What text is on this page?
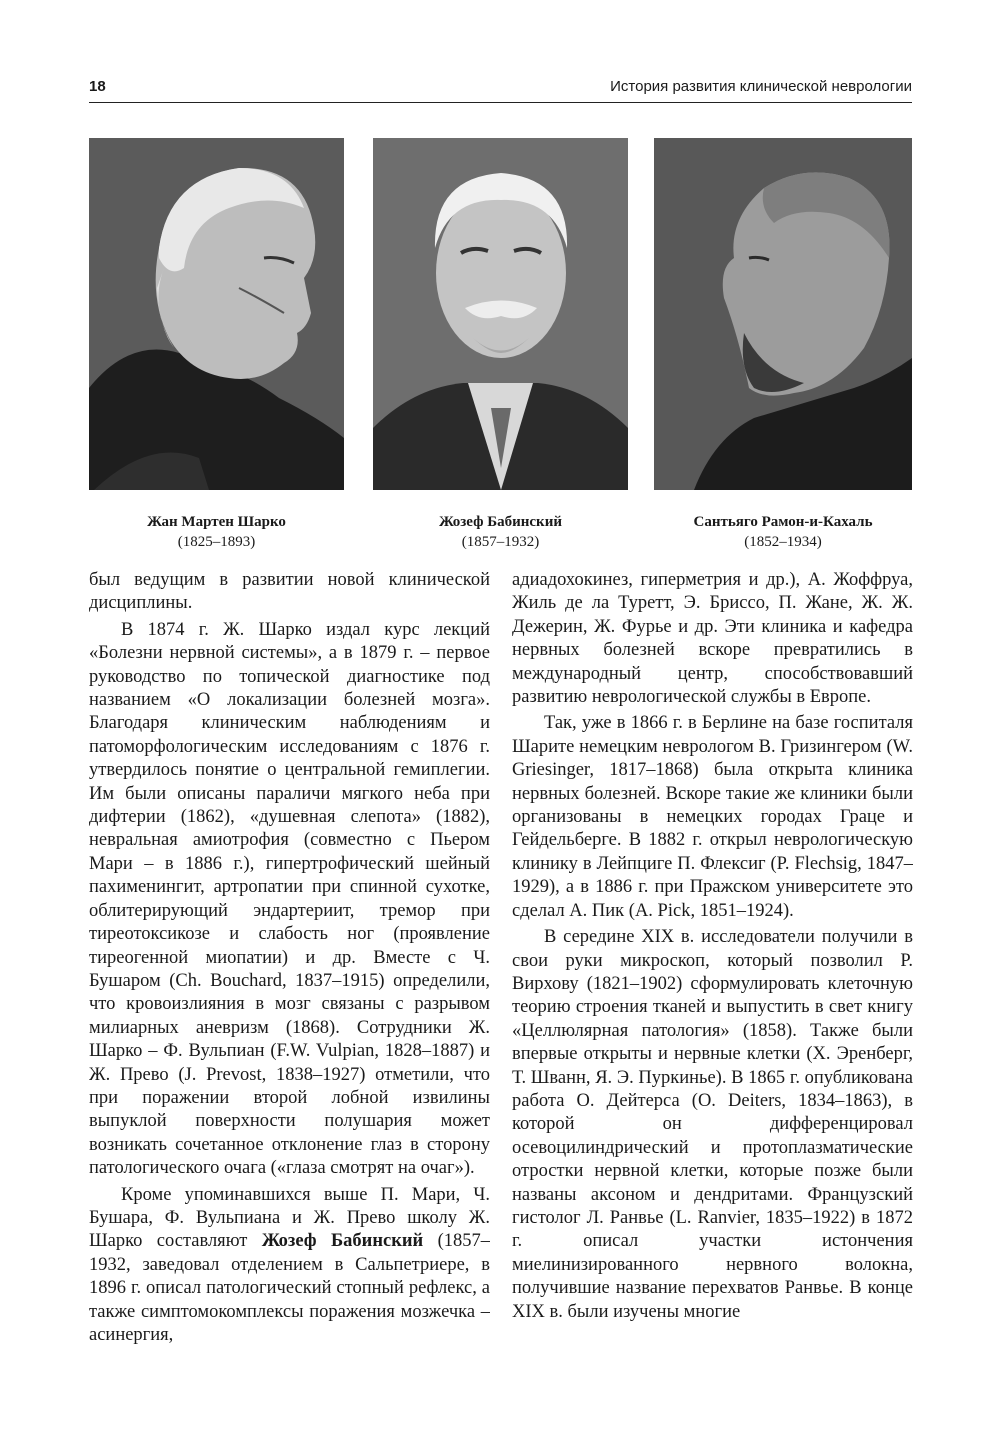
18	История развития клинической неврологии
Жан Мартен Шарко
(1825–1893)
Жозеф Бабинский
(1857–1932)
Сантьяго Рамон-и-Кахаль
(1852–1934)

был ведущим в развитии новой клинической дисциплины.

В 1874 г. Ж. Шарко издал курс лекций «Болезни нервной системы», а в 1879 г. – первое руководство по топической диагностике под названием «О локализации болезней мозга». Благодаря клиническим наблюдениям и патоморфологическим исследованиям с 1876 г. утвердилось понятие о центральной гемиплегии. Им были описаны параличи мягкого неба при дифтерии (1862), «душевная слепота» (1882), невральная амиотрофия (совместно с Пьером Мари – в 1886 г.), гипертрофический шейный пахименингит, артропатии при спинной сухотке, облитерирующий эндартериит, тремор при тиреотоксикозе и слабость ног (проявление тиреогенной миопатии) и др. Вместе с Ч. Бушаром (Ch. Bouchard, 1837–1915) определили, что кровоизлияния в мозг связаны с разрывом милиарных аневризм (1868). Сотрудники Ж. Шарко – Ф. Вульпиан (F.W. Vulpian, 1828–1887) и Ж. Прево (J. Prevost, 1838–1927) отметили, что при поражении второй лобной извилины выпуклой поверхности полушария может возникать сочетанное отклонение глаз в сторону патологического очага («глаза смотрят на очаг»).

Кроме упоминавшихся выше П. Мари, Ч. Бушара, Ф. Вульпиана и Ж. Прево школу Ж. Шарко составляют Жозеф Бабинский (1857–1932, заведовал отделением в Сальпетриере, в 1896 г. описал патологический стопный рефлекс, а также симптомокомплексы поражения мозжечка – асинергия,

адиадохокинез, гиперметрия и др.), А. Жоффруа, Жиль де ла Туретт, Э. Бриссо, П. Жане, Ж. Ж. Дежерин, Ж. Фурье и др. Эти клиника и кафедра нервных болезней вскоре превратились в международный центр, способствовавший развитию неврологической службы в Европе.

Так, уже в 1866 г. в Берлине на базе госпиталя Шарите немецким неврологом В. Гризингером (W. Griesinger, 1817–1868) была открыта клиника нервных болезней. Вскоре такие же клиники были организованы в немецких городах Граце и Гейдельберге. В 1882 г. открыл неврологическую клинику в Лейпциге П. Флексиг (P. Flechsig, 1847–1929), а в 1886 г. при Пражском университете это сделал А. Пик (A. Pick, 1851–1924).

В середине XIX в. исследователи получили в свои руки микроскоп, который позволил Р. Вирхову (1821–1902) сформулировать клеточную теорию строения тканей и выпустить в свет книгу «Целлюлярная патология» (1858). Также были впервые открыты и нервные клетки (Х. Эренберг, Т. Шванн, Я. Э. Пуркинье). В 1865 г. опубликована работа О. Дейтерса (O. Deiters, 1834–1863), в которой он дифференцировал осевоцилиндрический и протоплазматические отростки нервной клетки, которые позже были названы аксоном и дендритами. Французский гистолог Л. Ранвье (L. Ranvier, 1835–1922) в 1872 г. описал участки истончения миелинизированного нервного волокна, получившие название перехватов Ранвье. В конце XIX в. были изучены многие
